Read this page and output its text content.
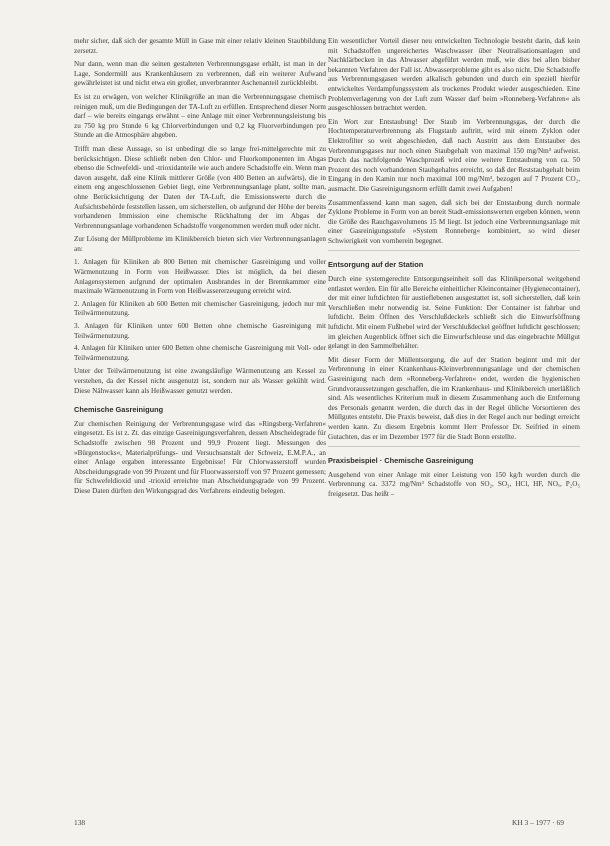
mehr sicher, daß sich der gesamte Müll in Gase mit einer relativ kleinen Staubbildung zersetzt.

Nur dann, wenn man die seinen gestalteten Verbrennungsgase erhält, ist man in der Lage, Sondermüll aus Krankenhäusern zu verbrennen, daß ein weiterer Aufwand gewährleistet ist und nicht etwa ein großer, unverbrannter Aschenanteil zurückbleibt.

Es ist zu erwägen, von welcher Klinikgröße an man die Verbrennungsgase chemisch reinigen muß, um die Bedingungen der TA-Luft zu erfüllen. Entsprechend dieser Norm darf – wie bereits eingangs erwähnt – eine Anlage mit einer Verbrennungsleistung bis zu 750 kg pro Stunde 6 kg Chlorverbindungen und 0,2 kg Fluorverbindungen pro Stunde an die Atmosphäre abgeben.

Trifft man diese Aussage, so ist unbedingt die so lange frei-mittelgerechte mit zu berücksichtigen. Diese schließt neben den Chlor- und Fluorkomponenten im Abgas ebenso die Schwefeldi- und -trioxidanteile wie auch andere Schadstoffe ein. Wenn man davon ausgeht, daß eine Klinik mittlerer Größe (von 400 Betten an aufwärts), die in einem eng angeschlossenen Gebiet liegt, eine Verbrennungsanlage plant, sollte man, ohne Berücksichtigung der Daten der TA-Luft, die Emissionswerte durch die Aufsichtsbehörde feststellen lassen, um sicherstellen, ob aufgrund der Höhe der bereits vorhandenen Immission eine chemische Rückhaltung der im Abgas der Verbrennungsanlage vorhandenen Schadstoffe vorgenommen werden muß oder nicht.

Zur Lösung der Müllprobleme im Klinikbereich bieten sich vier Verbrennungsanlagen an:

1. Anlagen für Kliniken ab 800 Betten mit chemischer Gasreinigung und voller Wärmenutzung in Form von Heißwasser. Dies ist möglich, da bei diesen Anlagensystemen aufgrund der optimalen Ausbrandes in der Brennkammer eine maximale Wärmenutzung in Form von Heißwassererzeugung erreicht wird.
2. Anlagen für Kliniken ab 600 Betten mit chemischer Gasreinigung, jedoch nur mit Teilwärmenutzung.
3. Anlagen für Kliniken unter 600 Betten ohne chemische Gasreinigung mit Teilwärmenutzung.
4. Anlagen für Kliniken unter 600 Betten ohne chemische Gasreinigung mit Voll- oder Teilwärmenutzung.

Unter der Teilwärmenutzung ist eine zwangsläufige Wärmenutzung am Kessel zu verstehen, da der Kessel nicht ausgenutzt ist, sondern nur als Wasser gekühlt wird. Diese Nähwasser kann als Heißwasser genutzt werden.

Chemische Gasreinigung

Zur chemischen Reinigung der Verbrennungsgase wird das »Ringsberg-Verfahren« eingesetzt. Es ist z. Zt. das einzige Gasreinigungsverfahren, dessen Abscheidegrade für Schadstoffe zwischen 98 Prozent und 99,9 Prozent liegt. Messungen des »Bürgenstocks«, Materialprüfungs- und Versuchsanstalt der Schweiz, E.M.P.A., an einer Anlage ergaben interessante Ergebnisse! Für Chlorwasserstoff wurden Abscheidungsgrade von 99 Prozent und für Fluorwasserstoff von 97 Prozent gemessen; für Schwefeldioxid und -trioxid erreichte man Abscheidungsgrade von 99 Prozent. Diese Daten dürften den Wirkungsgrad des Verfahrens eindeutig belegen.

Ein wesentlicher Vorteil dieser neu entwickelten Technologie besteht darin, daß kein mit Schadstoffen ungereichertes Waschwasser über Neutralisationsanlagen und Nachklärbecken in das Abwasser abgeführt werden muß, wie dies bei allen bisher bekannten Verfahren der Fall ist. Abwasserprobleme gibt es also nicht. Die Schadstoffe aus Verbrennungsgasen werden alkalisch gebunden und durch ein speziell hierfür entwickeltes Verdampfungssystem als trockenes Produkt wieder ausgeschieden. Eine Problemverlagerung von der Luft zum Wasser darf beim »Ronneberg-Verfahren« als ausgeschlossen betrachtet werden.

Ein Wort zur Entstaubung! Der Staub im Verbrennungsgas, der durch die Hochtemperaturverbrennung als Flugstaub auftritt, wird mit einem Zyklon oder Elektrofilter so weit abgeschieden, daß nach Austritt aus dem Entstauber des Verbrennungsgases nur noch einen Staubgehalt von maximal 150 mg/Nm³ aufweist. Durch das nachfolgende Waschprozeß wird eine weitere Entstaubung von ca. 50 Prozent des noch vorhandenen Staubgehaltes erreicht, so daß der Reststaubgehalt beim Eingang in den Kamin nur noch maximal 100 mg/Nm³, bezogen auf 7 Prozent CO₂, ausmacht. Die Gasreinigungsnorm erfüllt damit zwei Aufgaben!

Zusammenfassend kann man sagen, daß sich bei der Entstaubung durch normale Zyklone Probleme in Form von an bereit Stadt-emissionswerten ergeben können, wenn die Größe des Rauchgasvolumens 15 M liegt. Ist jedoch eine Verbrennungsanlage mit einer Gasreinigungsstufe »System Ronneberg« kombiniert, so wird dieser Schwierigkeit von vornherein begegnet.

Entsorgung auf der Station

Durch eine systemgerechte Entsorgungseinheit soll das Klinikpersonal weitgehend entlastet werden. Ein für alle Bereiche einheitlicher Kleincontainer (Hygienecontainer), der mit einer luftdichten für austieflebenen ausgestattet ist, soll sicherstellen, daß kein Verschließen mehr notwendig ist. Seine Funktion: Der Container ist fahrbar und luftdicht. Beim Öffnen des Verschlußdeckels schließt sich die Einwurfsöffnung luftdicht. Mit einem Fußhebel wird der Verschlußdeckel geöffnet luftdicht geschlossen; im gleichen Augenblick öffnet sich die Einwurfschleuse und das eingebrachte Müllgut gelangt in den Sammelbehälter.

Mit dieser Form der Müllentsorgung, die auf der Station beginnt und mit der Verbrennung in einer Krankenhaus-Kleinverbrennungsanlage und der chemischen Gasreinigung nach dem »Ronneberg-Verfahren« endet, werden die hygienischen Grundvoraussetzungen geschaffen, die im Krankenhaus- und Klinikbereich unerläßlich sind. Als wesentliches Kriterium muß in diesem Zusammenhang auch die Entfernung des Personals genannt werden, die durch das in der Regel übliche Vorsortieren des Müllgutes entsteht. Die Praxis beweist, daß dies in der Regel auch nur bedingt erreicht werden kann. Zu diesem Ergebnis kommt Herr Professor Dr. Seifried in einem Gutachten, das er im Dezember 1977 für die Stadt Bonn erstellte.

Praxisbeispiel · Chemische Gasreinigung

Ausgehend von einer Anlage mit einer Leistung von 150 kg/h wurden durch die Verbrennung ca. 3372 mg/Nm³ Schadstoffe von SO₂, SO₃, HCl, HF, NOₓ, P₂O₅ freigesetzt. Das heißt –

138	KH 3 – 1977 · 69
